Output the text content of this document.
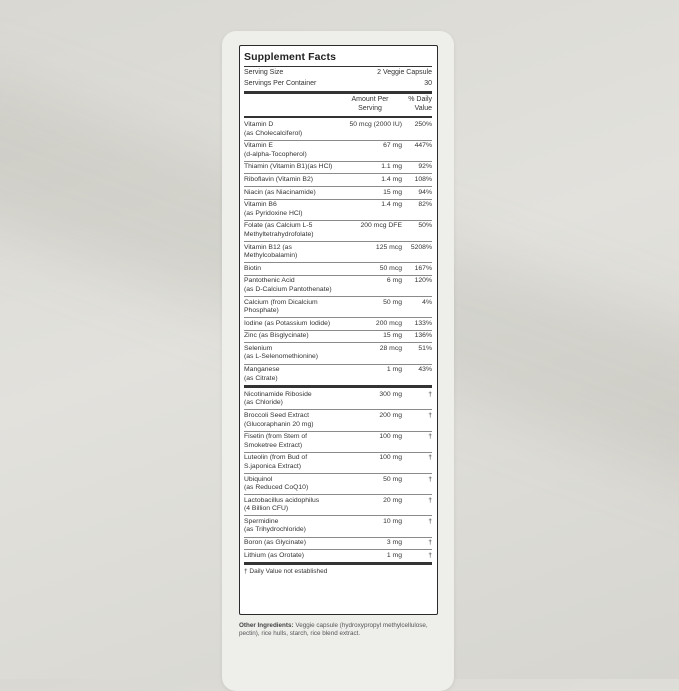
Supplement Facts
Serving Size	2 Veggie Capsule
Servings Per Container	30
Amount Per Serving
% Daily Value
Vitamin D
(as Cholecalciferol)
50 mcg (2000 IU)	250%
Vitamin E
(d-alpha-Tocopherol)
67 mg	447%
Thiamin (Vitamin B1)(as HCl)	1.1 mg	92%
Riboflavin (Vitamin B2)	1.4 mg	108%
Niacin (as Niacinamide)	15 mg	94%
Vitamin B6
(as Pyridoxine HCl)
1.4 mg	82%
Folate (as Calcium L-5
Methyltetrahydrofolate)
200 mcg DFE	50%
Vitamin B12 (as
Methylcobalamin)
125 mcg	5208%
Biotin	50 mcg	167%
Pantothenic Acid
(as D-Calcium Pantothenate)
6 mg	120%
Calcium (from Dicalcium
Phosphate)
50 mg	4%
Iodine (as Potassium Iodide)	200 mcg	133%
Zinc (as Bisglycinate)	15 mg	136%
Selenium
(as L-Selenomethionine)
28 mcg	51%
Manganese
(as Citrate)
1 mg	43%
Nicotinamide Riboside
(as Chloride)
300 mg	†
Broccoli Seed Extract
(Glucoraphanin 20 mg)
200 mg	†
Fisetin (from Stem of
Smoketree Extract)
100 mg	†
Luteolin (from Bud of
S.japonica Extract)
100 mg	†
Ubiquinol
(as Reduced CoQ10)
50 mg	†
Lactobacillus acidophilus
(4 Billion CFU)
20 mg	†
Spermidine
(as Trihydrochloride)
10 mg	†
Boron (as Glycinate)	3 mg	†
Lithium (as Orotate)	1 mg	†
† Daily Value not established
Other Ingredients: Veggie capsule (hydroxypropyl methylcellulose, pectin), rice hulls, starch, rice blend extract.
